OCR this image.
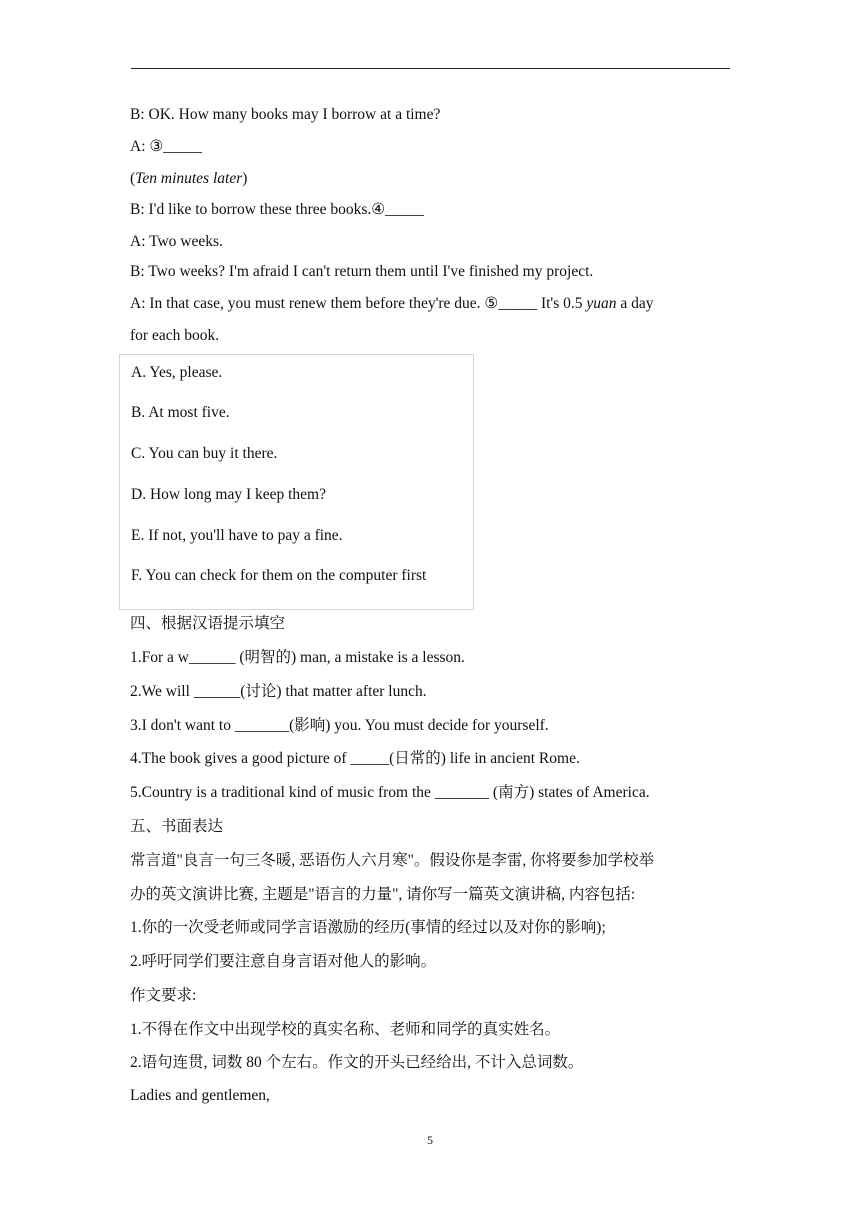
B: OK. How many books may I borrow at a time?
A: ③_____
(Ten minutes later)
B: I'd like to borrow these three books.④_____
A: Two weeks.
B: Two weeks? I'm afraid I can't return them until I've finished my project.
A: In that case, you must renew them before they're due. ⑤_____ It's 0.5 yuan a day
for each book.
A. Yes, please.
B. At most five.
C. You can buy it there.
D. How long may I keep them?
E. If not, you'll have to pay a fine.
F. You can check for them on the computer first
四、根据汉语提示填空
1.For a w______ (明智的) man, a mistake is a lesson.
2.We will ______(讨论) that matter after lunch.
3.I don't want to _______(影响) you. You must decide for yourself.
4.The book gives a good picture of _____(日常的) life in ancient Rome.
5.Country is a traditional kind of music from the _______ (南方) states of America.
五、书面表达
常言道"良言一句三冬暖, 恶语伤人六月寒"。假设你是李雷, 你将要参加学校举
办的英文演讲比赛, 主题是"语言的力量", 请你写一篇英文演讲稿, 内容包括:
1.你的一次受老师或同学言语激励的经历(事情的经过以及对你的影响);
2.呼吁同学们要注意自身言语对他人的影响。
作文要求:
1.不得在作文中出现学校的真实名称、老师和同学的真实姓名。
2.语句连贯, 词数 80 个左右。作文的开头已经给出, 不计入总词数。
Ladies and gentlemen,
5
